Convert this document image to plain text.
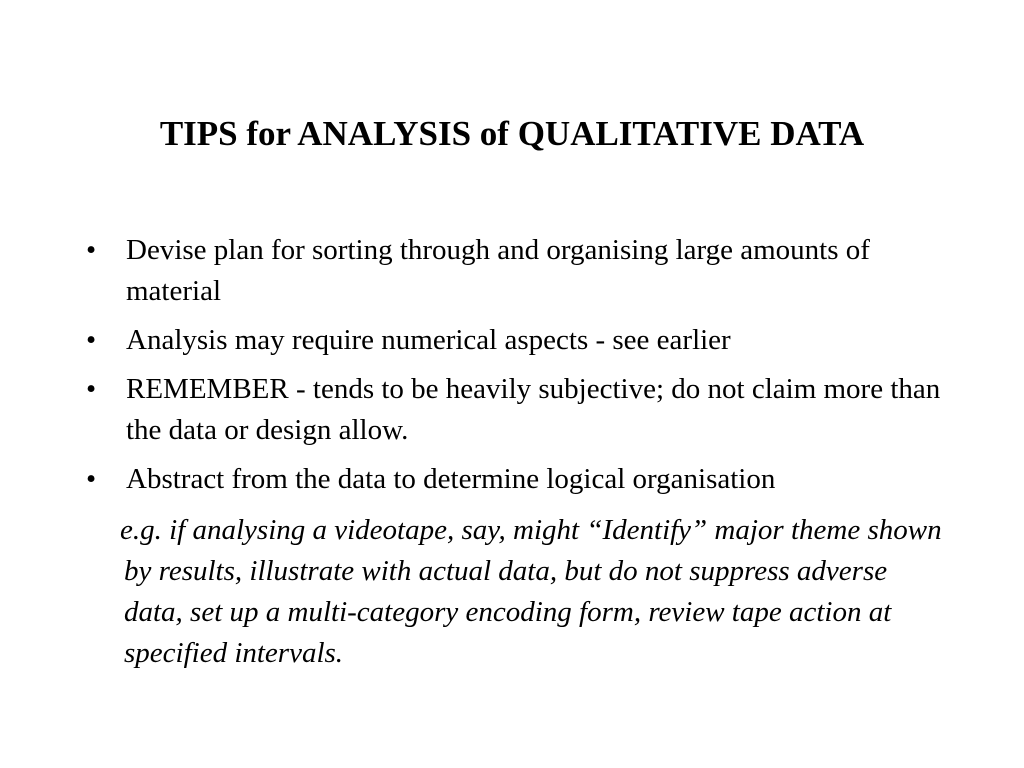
TIPS for ANALYSIS of QUALITATIVE DATA
• Devise plan for sorting through and organising large amounts of material
• Analysis may require numerical aspects - see earlier
• REMEMBER - tends to be heavily subjective; do not claim more than the data or design allow.
• Abstract from the data to determine logical organisation

e.g. if analysing a videotape, say, might “Identify” major theme shown by results, illustrate with actual data, but do not suppress adverse data, set up a multi-category encoding form, review tape action at specified intervals.
